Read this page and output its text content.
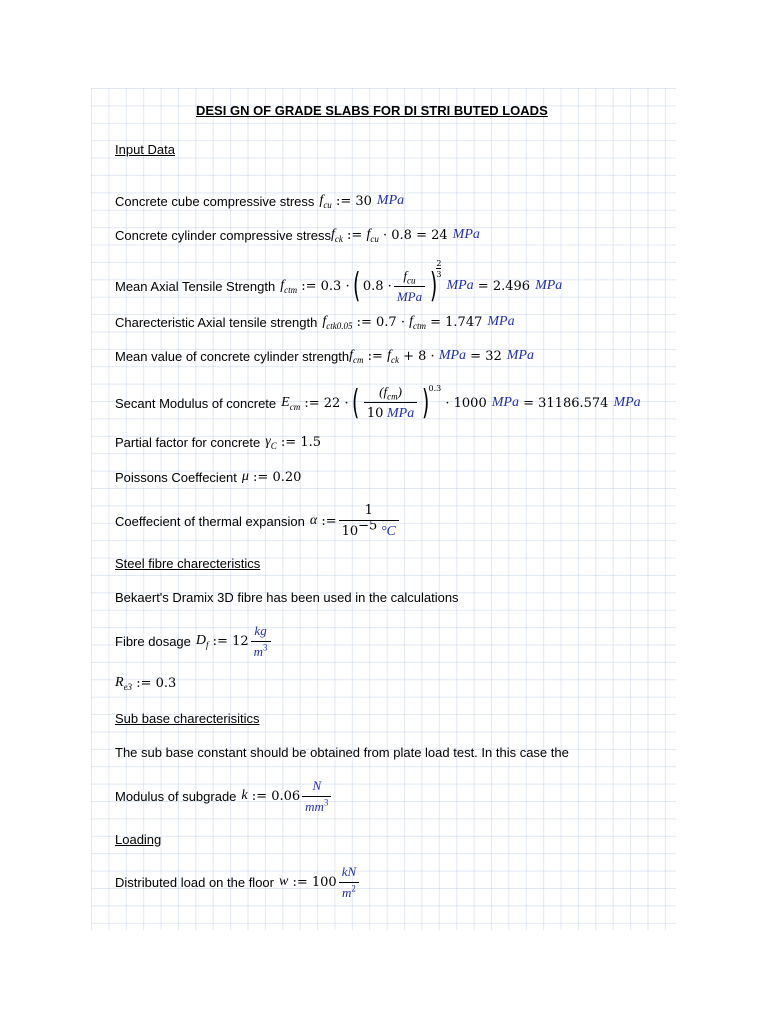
DESI GN OF GRADE SLABS FOR DI STRI BUTED LOADS
Input Data
Concrete cube compressive stress $f_{cu}$ := 30 MPa
Concrete cylinder compressive stress $f_{ck}$ := $f_{cu} \cdot 0.8 = 24$ MPa
Mean Axial Tensile Strength $f_{ctm}$ := 0.3 · ( $0.8 \cdot \frac{f_{cu}}{\text{MPa}}$ )
$\frac{2}{3}$
MPa = 2.496 MPa
Charecteristic Axial tensile strength $f_{ctk0.05}$ := $0.7 \cdot f_{ctm} = 1.747$ MPa
Mean value of concrete cylinder strength $f_{cm}$ := $f_{ck} + 8$ · MPa = 32 MPa
Secant Modulus of concrete $E_{cm}$ := 22 · ( $\frac{(f_{cm})}{\text{10 MPa}}$ )
0.3
· 1000 MPa = 31186.574 MPa
Partial factor for concrete $\gamma_C$ := 1.5
Poissons Coeffecient μ := 0.20
Coeffecient of thermal expansion α := $\frac{1}{10^{-5} ^\circ C}$
Steel fibre charecteristics
Bekaert's Dramix 3D fibre has been used in the calculations
Fibre dosage $D_f$ := $12 \frac{kg}{m^3}$
$R_{e3}$ := 0.3
Sub base charecterisitics
The sub base constant should be obtained from plate load test. In this case the
Modulus of subgrade k := $0.06 \frac{N}{mm^3}$
Loading
Distributed load on the floor w := $100 \frac{kN}{m^2}$
